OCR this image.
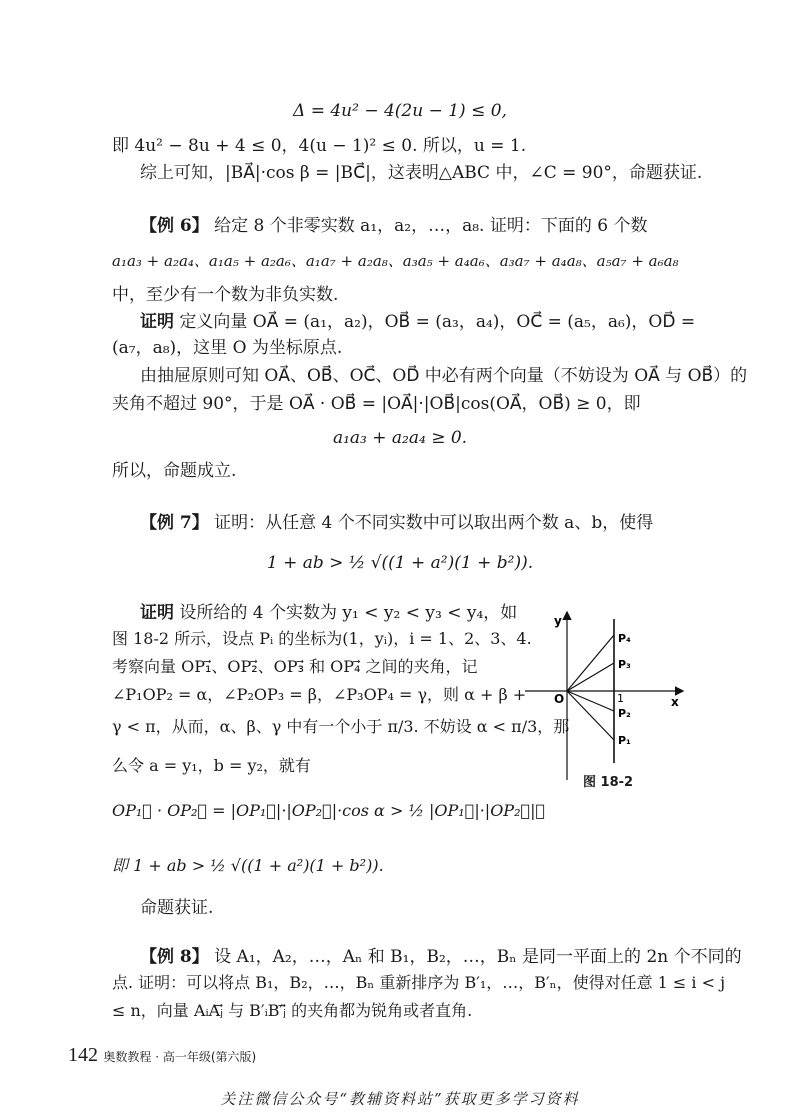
Δ = 4u² − 4(2u − 1) ≤ 0,
即 4u² − 8u + 4 ≤ 0，4(u − 1)² ≤ 0. 所以，u = 1.
综上可知，|BA⃗|·cos β = |BC⃗|，这表明△ABC 中，∠C = 90°，命题获证.
【例 6】 给定 8 个非零实数 a₁，a₂，…，a₈. 证明：下面的 6 个数
a₁a₃ + a₂a₄、a₁a₅ + a₂a₆、a₁a₇ + a₂a₈、a₃a₅ + a₄a₆、a₃a₇ + a₄a₈、a₅a₇ + a₆a₈
中，至少有一个数为非负实数.
证明 定义向量 OA⃗ = (a₁，a₂)，OB⃗ = (a₃，a₄)，OC⃗ = (a₅，a₆)，OD⃗ =
(a₇，a₈)，这里 O 为坐标原点.
由抽屉原则可知 OA⃗、OB⃗、OC⃗、OD⃗ 中必有两个向量（不妨设为 OA⃗ 与 OB⃗）的
夹角不超过 90°，于是 OA⃗ · OB⃗ = |OA⃗|·|OB⃗|cos(OA⃗，OB⃗) ≥ 0，即
a₁a₃ + a₂a₄ ≥ 0.
所以，命题成立.
【例 7】 证明：从任意 4 个不同实数中可以取出两个数 a、b，使得
1 + ab > ½ √((1 + a²)(1 + b²)).
证明 设所给的 4 个实数为 y₁ < y₂ < y₃ < y₄，如
图 18-2 所示，设点 Pᵢ 的坐标为(1，yᵢ)，i = 1、2、3、4.
考察向量 OP₁⃗、OP₂⃗、OP₃⃗ 和 OP₄⃗ 之间的夹角，记
∠P₁OP₂ = α，∠P₂OP₃ = β，∠P₃OP₄ = γ，则 α + β +
γ < π，从而，α、β、γ 中有一个小于 π/3. 不妨设 α < π/3，那
么令 a = y₁，b = y₂，就有
y
x
O	1
P₄
P₃
P₂
P₁
图 18-2
OP₁⃗ · OP₂⃗ = |OP₁⃗|·|OP₂⃗|·cos α > ½ |OP₁⃗|·|OP₂⃗|，
即 1 + ab > ½ √((1 + a²)(1 + b²)).
命题获证.
【例 8】 设 A₁，A₂，…，Aₙ 和 B₁，B₂，…，Bₙ 是同一平面上的 2n 个不同的
点. 证明：可以将点 B₁，B₂，…，Bₙ 重新排序为 B′₁，…，B′ₙ，使得对任意 1 ≤ i < j
≤ n，向量 AᵢAⱼ⃗ 与 B′ᵢB′ⱼ⃗ 的夹角都为锐角或者直角.
142 奥数教程 · 高一年级(第六版)
关注微信公众号“教辅资料站”获取更多学习资料
